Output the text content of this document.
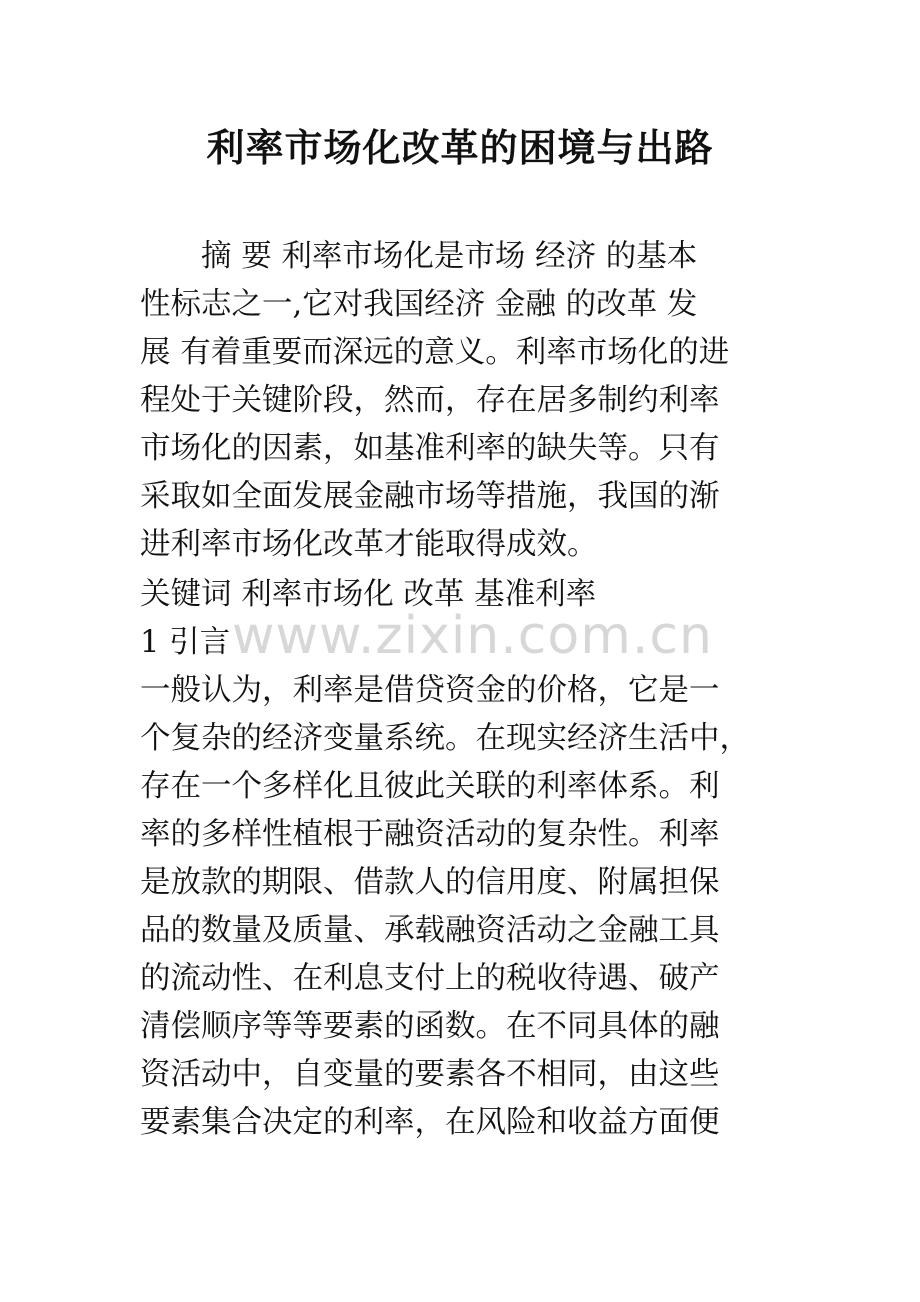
利率市场化改革的困境与出路
　　摘 要 利率市场化是市场 经济 的基本
性标志之一,它对我国经济 金融 的改革 发
展 有着重要而深远的意义。利率市场化的进
程处于关键阶段，然而，存在居多制约利率
市场化的因素，如基准利率的缺失等。只有
采取如全面发展金融市场等措施，我国的渐
进利率市场化改革才能取得成效。
关键词 利率市场化 改革 基准利率
1 引言
一般认为，利率是借贷资金的价格，它是一
个复杂的经济变量系统。在现实经济生活中，
存在一个多样化且彼此关联的利率体系。利
率的多样性植根于融资活动的复杂性。利率
是放款的期限、借款人的信用度、附属担保
品的数量及质量、承载融资活动之金融工具
的流动性、在利息支付上的税收待遇、破产
清偿顺序等等要素的函数。在不同具体的融
资活动中，自变量的要素各不相同，由这些
要素集合决定的利率，在风险和收益方面便
www.zixin.com.cn
